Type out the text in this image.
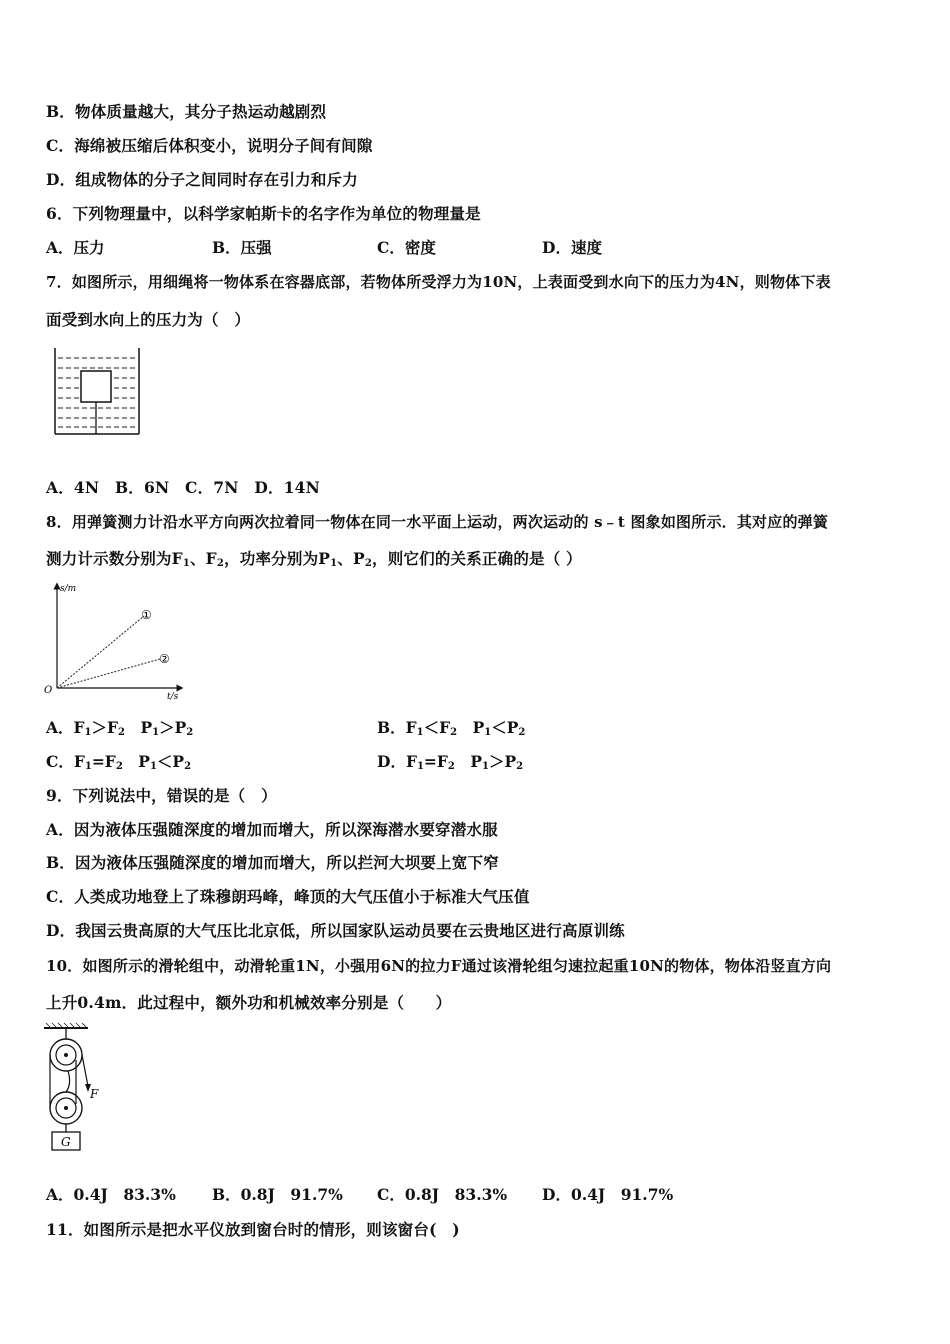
B．物体质量越大，其分子热运动越剧烈
C．海绵被压缩后体积变小，说明分子间有间隙
D．组成物体的分子之间同时存在引力和斥力
6．下列物理量中，以科学家帕斯卡的名字作为单位的物理量是
A．压力	B．压强	C．密度	D．速度
7．如图所示，用细绳将一物体系在容器底部，若物体所受浮力为10N，上表面受到水向下的压力为4N，则物体下表
面受到水向上的压力为（　）
A．4N　B．6N　C．7N　D．14N
8．用弹簧测力计沿水平方向两次拉着同一物体在同一水平面上运动，两次运动的 s﹣t 图象如图所示．其对应的弹簧
测力计示数分别为$F_1$、$F_2$，功率分别为$P_1$、$P_2$，则它们的关系正确的是（ ）
s/m
t/s
O
①
②
A．$F_1>F_2$　$P_1>P_2$	B．$F_1<F_2$　$P_1<P_2$
C．$F_1=F_2$　$P_1<P_2$	D．$F_1=F_2$　$P_1>P_2$
9．下列说法中，错误的是（　）
A．因为液体压强随深度的增加而增大，所以深海潜水要穿潜水服
B．因为液体压强随深度的增加而增大，所以拦河大坝要上宽下窄
C．人类成功地登上了珠穆朗玛峰，峰顶的大气压值小于标准大气压值
D．我国云贵高原的大气压比北京低，所以国家队运动员要在云贵地区进行高原训练
10．如图所示的滑轮组中，动滑轮重1N，小强用6N的拉力F通过该滑轮组匀速拉起重10N的物体，物体沿竖直方向
上升0.4m．此过程中，额外功和机械效率分别是（　　）
F
G
A．0.4J　83.3% B．0.8J　91.7% C．0.8J　83.3% D．0.4J　91.7%
11．如图所示是把水平仪放到窗台时的情形，则该窗台(　)
